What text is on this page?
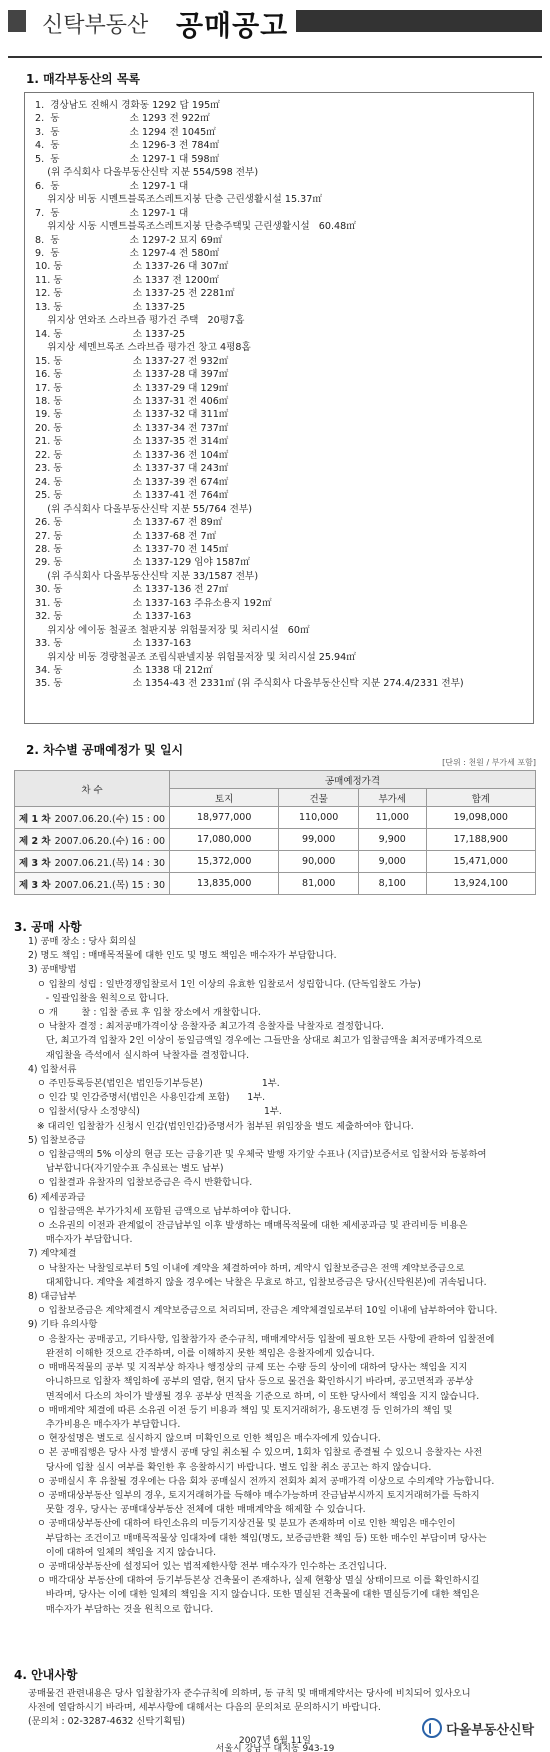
신탁부동산 공매공고
1. 매각부동산의 목록
1.  경상남도 진해시 경화동 1292 답 195㎡
2.  동                       소 1293 전 922㎡
3.  동                       소 1294 전 1045㎡
4.  동                       소 1296-3 전 784㎡
5.  동                       소 1297-1 대 598㎡
(위 주식회사 다올부동산신탁 지분 554/598 전부)
6.  동                       소 1297-1 대
위지상 비동 시멘트블록조스레트지붕 단층 근린생활시설 15.37㎡
7.  동                       소 1297-1 대
위지상 시동 시멘트블록조스레트지붕 단층주택및 근린생활시설   60.48㎡
8.  동                       소 1297-2 묘지 69㎡
9.  동                       소 1297-4 전 580㎡
10. 동                       소 1337-26 대 307㎡
11. 동                       소 1337 전 1200㎡
12. 동                       소 1337-25 전 2281㎡
13. 동                       소 1337-25
위지상 연와조 스라브즙 평가건 주택   20평7홉
14. 동                       소 1337-25
위지상 세멘브록조 스라브즙 평가건 창고 4평8홉
15. 동                       소 1337-27 전 932㎡
16. 동                       소 1337-28 대 397㎡
17. 동                       소 1337-29 대 129㎡
18. 동                       소 1337-31 전 406㎡
19. 동                       소 1337-32 대 311㎡
20. 동                       소 1337-34 전 737㎡
21. 동                       소 1337-35 전 314㎡
22. 동                       소 1337-36 전 104㎡
23. 동                       소 1337-37 대 243㎡
24. 동                       소 1337-39 전 674㎡
25. 동                       소 1337-41 전 764㎡
(위 주식회사 다올부동산신탁 지분 55/764 전부)
26. 동                       소 1337-67 전 89㎡
27. 동                       소 1337-68 전 7㎡
28. 동                       소 1337-70 전 145㎡
29. 동                       소 1337-129 임야 1587㎡
(위 주식회사 다올부동산신탁 지분 33/1587 전부)
30. 동                       소 1337-136 전 27㎡
31. 동                       소 1337-163 주유소용지 192㎡
32. 동                       소 1337-163
위지상 에이동 철골조 철판지붕 위험물저장 및 처리시설   60㎡
33. 동                       소 1337-163
위지상 비동 경량철골조 조립식판넬지붕 위험물저장 및 처리시설 25.94㎡
34. 동                       소 1338 대 212㎡
35. 동                       소 1354-43 전 2331㎡ (위 주식회사 다올부동산신탁 지분 274.4/2331 전부)
2. 차수별 공매예정가 및 일시
[단위 : 천원 / 부가세 포함]
차 수	공매예정가격			
	토지	건물	부가세	합계
제 1 차 2007.06.20.(수) 15 : 00	18,977,000	110,000	11,000	19,098,000
제 2 차 2007.06.20.(수) 16 : 00	17,080,000	99,000	9,900	17,188,900
제 3 차 2007.06.21.(목) 14 : 30	15,372,000	90,000	9,000	15,471,000
제 3 차 2007.06.21.(목) 15 : 30	13,835,000	81,000	8,100	13,924,100
3. 공매 사항
1) 공매 장소 : 당사 회의실
2) 명도 책임 : 매매목적물에 대한 인도 및 명도 책임은 매수자가 부담합니다.
3) 공매방법
ㅇ 입찰의 성립 : 일반경쟁입찰로서 1인 이상의 유효한 입찰로서 성립합니다. (단독입찰도 가능)
- 일괄입찰을 원칙으로 합니다.
ㅇ 개        찰 : 입찰 종료 후 입찰 장소에서 개찰합니다.
ㅇ 낙찰자 결정 : 최저공매가격이상 응찰자중 최고가격 응찰자를 낙찰자로 결정합니다.
단, 최고가격 입찰자 2인 이상이 동일금액일 경우에는 그들만을 상대로 최고가 입찰금액을 최저공매가격으로
재입찰을 즉석에서 실시하여 낙찰자를 결정합니다.
4) 입찰서류
ㅇ 주민등록등본(법인은 법인등기부등본)                    1부.
ㅇ 인감 및 인감증명서(법인은 사용인감계 포함)      1부.
ㅇ 입찰서(당사 소정양식)                                          1부.
※ 대리인 입찰참가 신청시 인감(법인인감)증명서가 첨부된 위임장을 별도 제출하여야 합니다.
5) 입찰보증금
ㅇ 입찰금액의 5% 이상의 현금 또는 금융기관 및 우체국 발행 자기앞 수표나 (지급)보증서로 입찰서와 동봉하여
납부합니다(자기앞수표 추심료는 별도 납부)
ㅇ 입찰결과 유찰자의 입찰보증금은 즉시 반환합니다.
6) 제세공과금
ㅇ 입찰금액은 부가가치세 포함된 금액으로 납부하여야 합니다.
ㅇ 소유권의 이전과 관계없이 잔금납부일 이후 발생하는 매매목적물에 대한 제세공과금 및 관리비등 비용은
매수자가 부담합니다.
7) 계약체결
ㅇ 낙찰자는 낙찰일로부터 5일 이내에 계약을 체결하여야 하며, 계약시 입찰보증금은 전액 계약보증금으로
대체합니다. 계약을 체결하지 않을 경우에는 낙찰은 무효로 하고, 입찰보증금은 당사(신탁원본)에 귀속됩니다.
8) 대금납부
ㅇ 입찰보증금은 계약체결시 계약보증금으로 처리되며, 잔금은 계약체결일로부터 10일 이내에 납부하여야 합니다.
9) 기타 유의사항
ㅇ 응찰자는 공매공고, 기타사항, 입찰참가자 준수규칙, 매매계약서등 입찰에 필요한 모든 사항에 관하여 입찰전에
완전히 이해한 것으로 간주하며, 이를 이해하지 못한 책임은 응찰자에게 있습니다.
ㅇ 매매목적물의 공부 및 지적부상 하자나 행정상의 규제 또는 수량 등의 상이에 대하여 당사는 책임을 지지
아니하므로 입찰자 책임하에 공부의 열람, 현지 답사 등으로 물건을 확인하시기 바라며, 공고면적과 공부상
면적에서 다소의 차이가 발생될 경우 공부상 면적을 기준으로 하며, 이 또한 당사에서 책임을 지지 않습니다.
ㅇ 매매계약 체결에 따른 소유권 이전 등기 비용과 책임 및 토지거래허가, 용도변경 등 인허가의 책임 및
추가비용은 매수자가 부담합니다.
ㅇ 현장설명은 별도로 실시하지 않으며 미확인으로 인한 책임은 매수자에게 있습니다.
ㅇ 본 공매집행은 당사 사정 발생시 공매 당일 취소될 수 있으며, 1회차 입찰로 종결될 수 있으니 응찰자는 사전
당사에 입찰 실시 여부를 확인한 후 응찰하시기 바랍니다. 별도 입찰 취소 공고는 하지 않습니다.
ㅇ 공매실시 후 유찰될 경우에는 다음 회차 공매실시 전까지 전회차 최저 공매가격 이상으로 수의계약 가능합니다.
ㅇ 공매대상부동산 일부의 경우, 토지거래허가를 득해야 매수가능하며 잔금납부시까지 토지거래허가를 득하지
못할 경우, 당사는 공매대상부동산 전체에 대한 매매계약을 해제할 수 있습니다.
ㅇ 공매대상부동산에 대하여 타인소유의 미등기지상건물 및 분묘가 존재하며 이로 인한 책임은 매수인이
부담하는 조건이고 매매목적물상 임대차에 대한 책임(명도, 보증금반환 책임 등) 또한 매수인 부담이며 당사는
이에 대하여 일체의 책임을 지지 않습니다.
ㅇ 공매대상부동산에 설정되어 있는 법적제한사항 전부 매수자가 인수하는 조건입니다.
ㅇ 매각대상 부동산에 대하여 등기부등본상 건축물이 존재하나, 실제 현황상 멸실 상태이므로 이를 확인하시길
바라며, 당사는 이에 대한 일체의 책임을 지지 않습니다. 또한 멸실된 건축물에 대한 멸실등기에 대한 책임은
매수자가 부담하는 것을 원칙으로 합니다.
4. 안내사항
공매물건 관련내용은 당사 입찰참가자 준수규칙에 의하며, 동 규칙 및 매매계약서는 당사에 비치되어 있사오니
사전에 열람하시기 바라며, 세부사항에 대해서는 다음의 문의처로 문의하시기 바랍니다.
(문의처 : 02-3287-4632 신탁기획팀)
2007년 6월 11일
서울시 강남구 대치동 943-19
다올부동산신탁
